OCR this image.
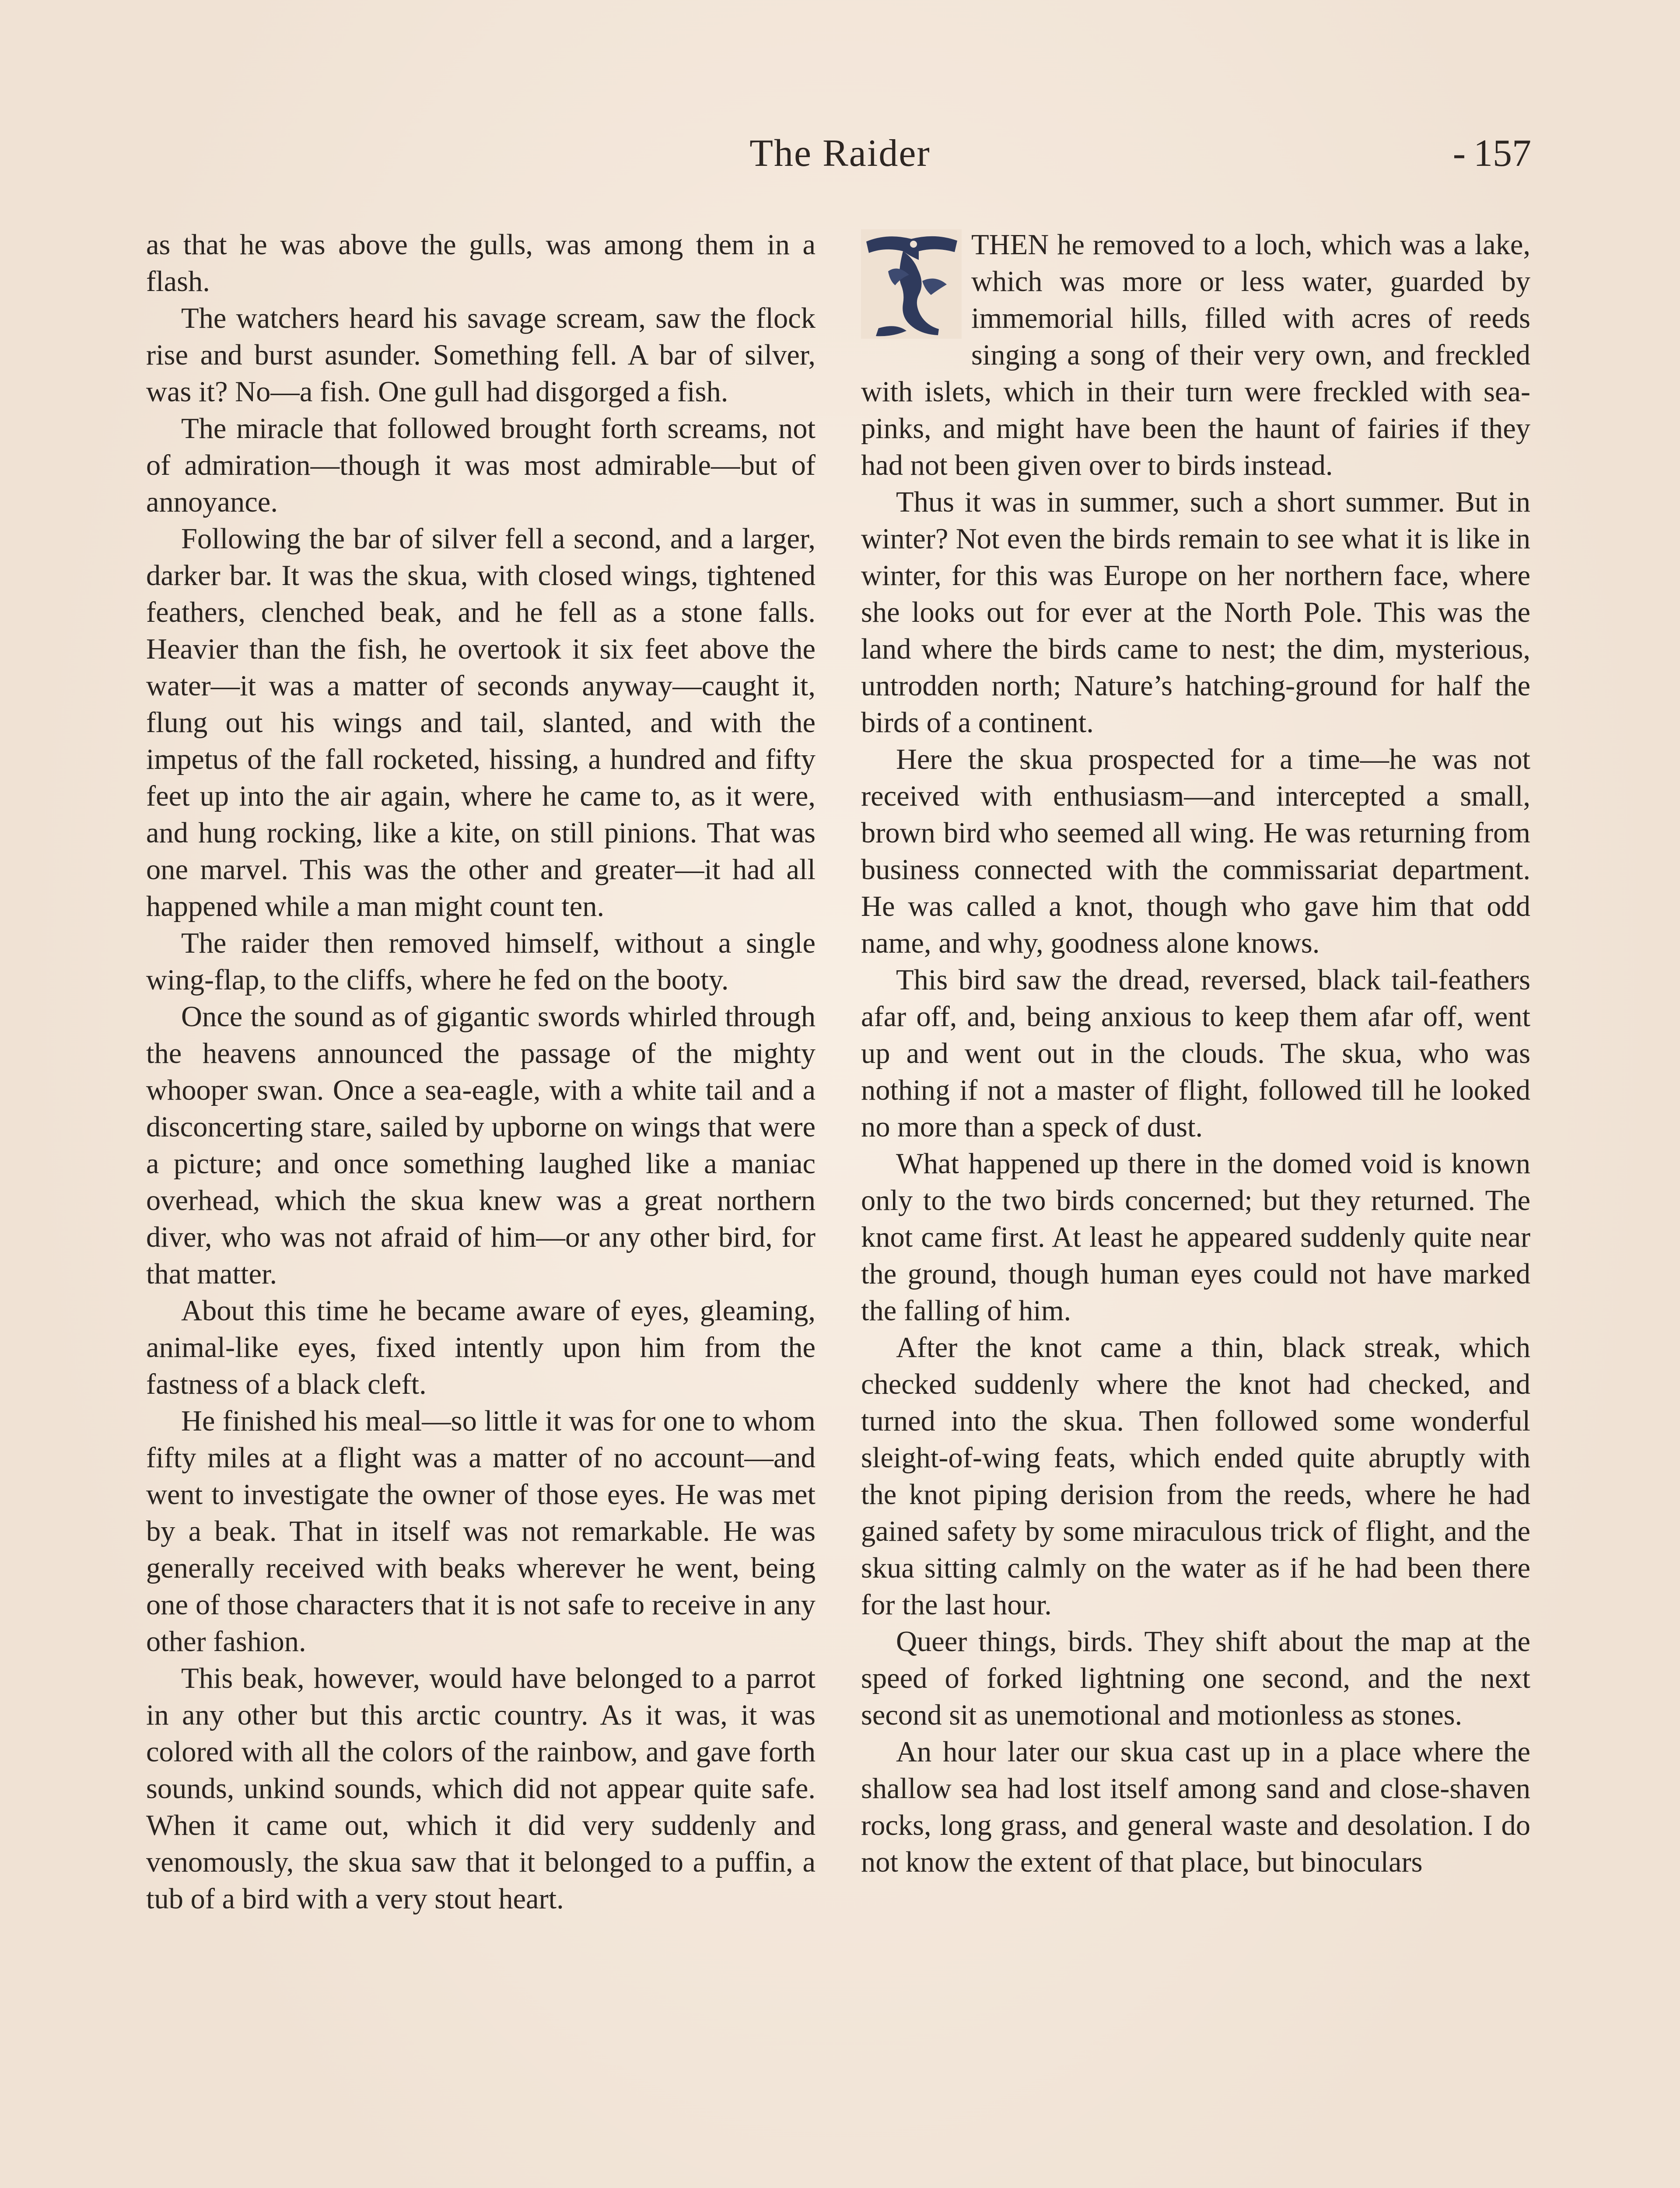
The Raider	- 157

as that he was above the gulls, was among them in a flash.

The watchers heard his savage scream, saw the flock rise and burst asunder. Something fell. A bar of silver, was it? No—a fish. One gull had disgorged a fish.

The miracle that followed brought forth screams, not of admiration—though it was most admirable—but of annoyance.

Following the bar of silver fell a second, and a larger, darker bar. It was the skua, with closed wings, tightened feathers, clenched beak, and he fell as a stone falls. Heavier than the fish, he overtook it six feet above the water—it was a matter of seconds anyway—caught it, flung out his wings and tail, slanted, and with the impetus of the fall rocketed, hissing, a hundred and fifty feet up into the air again, where he came to, as it were, and hung rocking, like a kite, on still pinions. That was one marvel. This was the other and greater—it had all happened while a man might count ten.

The raider then removed himself, without a single wing-flap, to the cliffs, where he fed on the booty.

Once the sound as of gigantic swords whirled through the heavens announced the passage of the mighty whooper swan. Once a sea-eagle, with a white tail and a disconcerting stare, sailed by upborne on wings that were a picture; and once something laughed like a maniac overhead, which the skua knew was a great northern diver, who was not afraid of him—or any other bird, for that matter.

About this time he became aware of eyes, gleaming, animal-like eyes, fixed intently upon him from the fastness of a black cleft.

He finished his meal—so little it was for one to whom fifty miles at a flight was a matter of no account—and went to investigate the owner of those eyes. He was met by a beak. That in itself was not remarkable. He was generally received with beaks wherever he went, being one of those characters that it is not safe to receive in any other fashion.

This beak, however, would have belonged to a parrot in any other but this arctic country. As it was, it was colored with all the colors of the rainbow, and gave forth sounds, unkind sounds, which did not appear quite safe. When it came out, which it did very suddenly and venomously, the skua saw that it belonged to a puffin, a tub of a bird with a very stout heart.

THEN he removed to a loch, which was a lake, which was more or less water, guarded by immemorial hills, filled with acres of reeds singing a song of their very own, and freckled with islets, which in their turn were freckled with sea-pinks, and might have been the haunt of fairies if they had not been given over to birds instead.

Thus it was in summer, such a short summer. But in winter? Not even the birds remain to see what it is like in winter, for this was Europe on her northern face, where she looks out for ever at the North Pole. This was the land where the birds came to nest; the dim, mysterious, untrodden north; Nature’s hatching-ground for half the birds of a continent.

Here the skua prospected for a time—he was not received with enthusiasm—and intercepted a small, brown bird who seemed all wing. He was returning from business connected with the commissariat department. He was called a knot, though who gave him that odd name, and why, goodness alone knows.

This bird saw the dread, reversed, black tail-feathers afar off, and, being anxious to keep them afar off, went up and went out in the clouds. The skua, who was nothing if not a master of flight, followed till he looked no more than a speck of dust.

What happened up there in the domed void is known only to the two birds concerned; but they returned. The knot came first. At least he appeared suddenly quite near the ground, though human eyes could not have marked the falling of him.

After the knot came a thin, black streak, which checked suddenly where the knot had checked, and turned into the skua. Then followed some wonderful sleight-of-wing feats, which ended quite abruptly with the knot piping derision from the reeds, where he had gained safety by some miraculous trick of flight, and the skua sitting calmly on the water as if he had been there for the last hour.

Queer things, birds. They shift about the map at the speed of forked lightning one second, and the next second sit as unemotional and motionless as stones.

An hour later our skua cast up in a place where the shallow sea had lost itself among sand and close-shaven rocks, long grass, and general waste and desolation. I do not know the extent of that place, but binoculars
